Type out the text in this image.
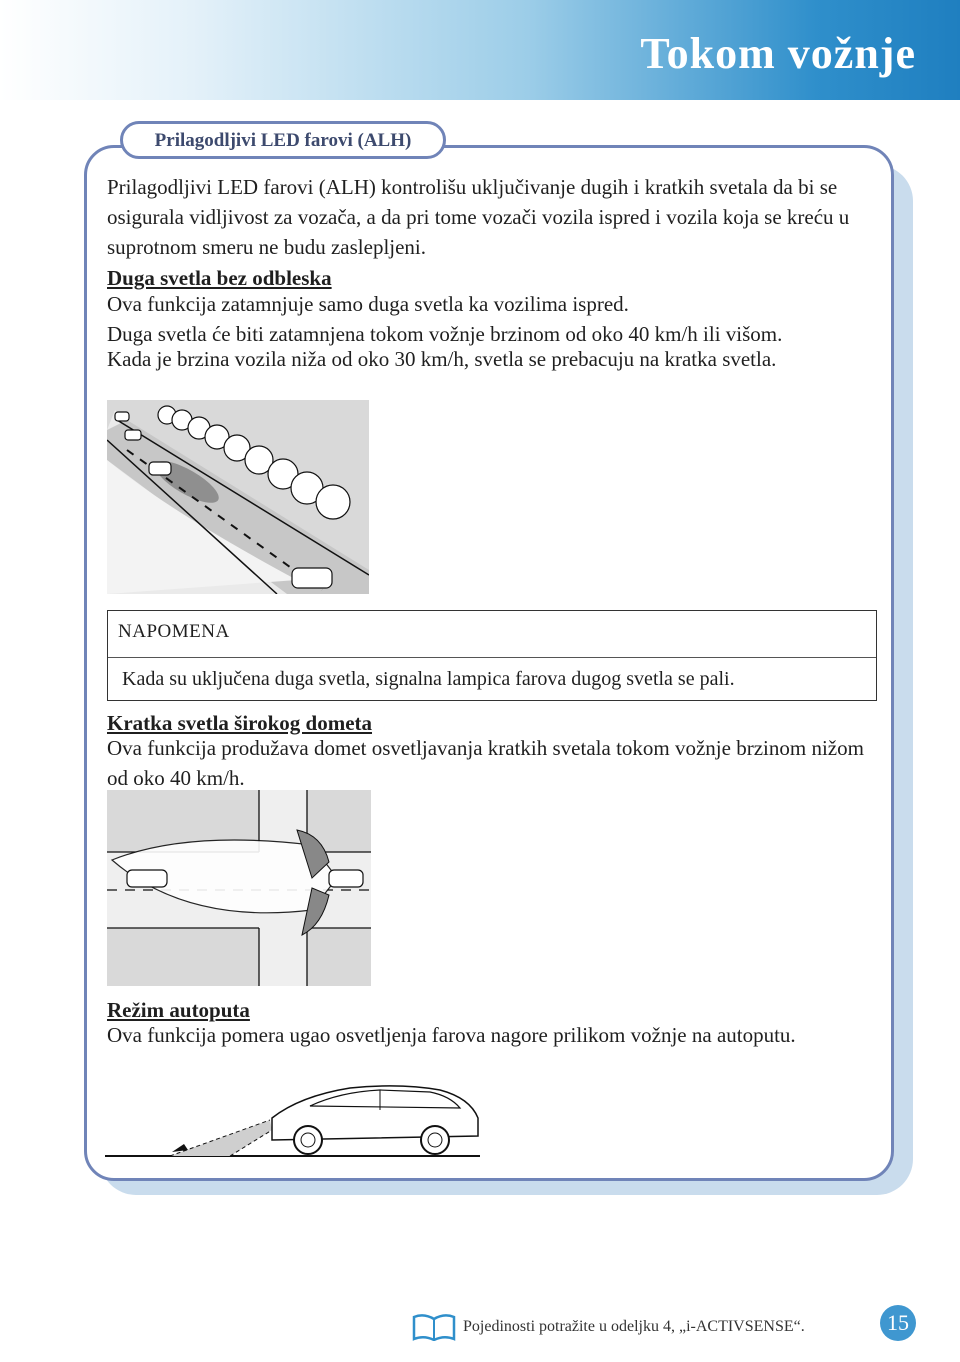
Tokom vožnje
Prilagodljivi LED farovi (ALH)

Prilagodljivi LED farovi (ALH) kontrolišu uključivanje dugih i kratkih svetala da bi se osigurala vidljivost za vozača, a da pri tome vozači vozila ispred i vozila koja se kreću u suprotnom smeru ne budu zaslepljeni.

Duga svetla bez odbleska
Ova funkcija zatamnjuje samo duga svetla ka vozilima ispred.
Duga svetla će biti zatamnjena tokom vožnje brzinom od oko 40 km/h ili višom.
Kada je brzina vozila niža od oko 30 km/h, svetla se prebacuju na kratka svetla.
NAPOMENA
Kada su uključena duga svetla, signalna lampica farova dugog svetla se pali.
Kratka svetla širokog dometa

Ova funkcija produžava domet osvetljavanja kratkih svetala tokom vožnje brzinom nižom od oko 40 km/h.

Režim autoputa

Ova funkcija pomera ugao osvetljenja farova nagore prilikom vožnje na autoputu.

Pojedinosti potražite u odeljku 4, „i-ACTIVSENSE“.	15
